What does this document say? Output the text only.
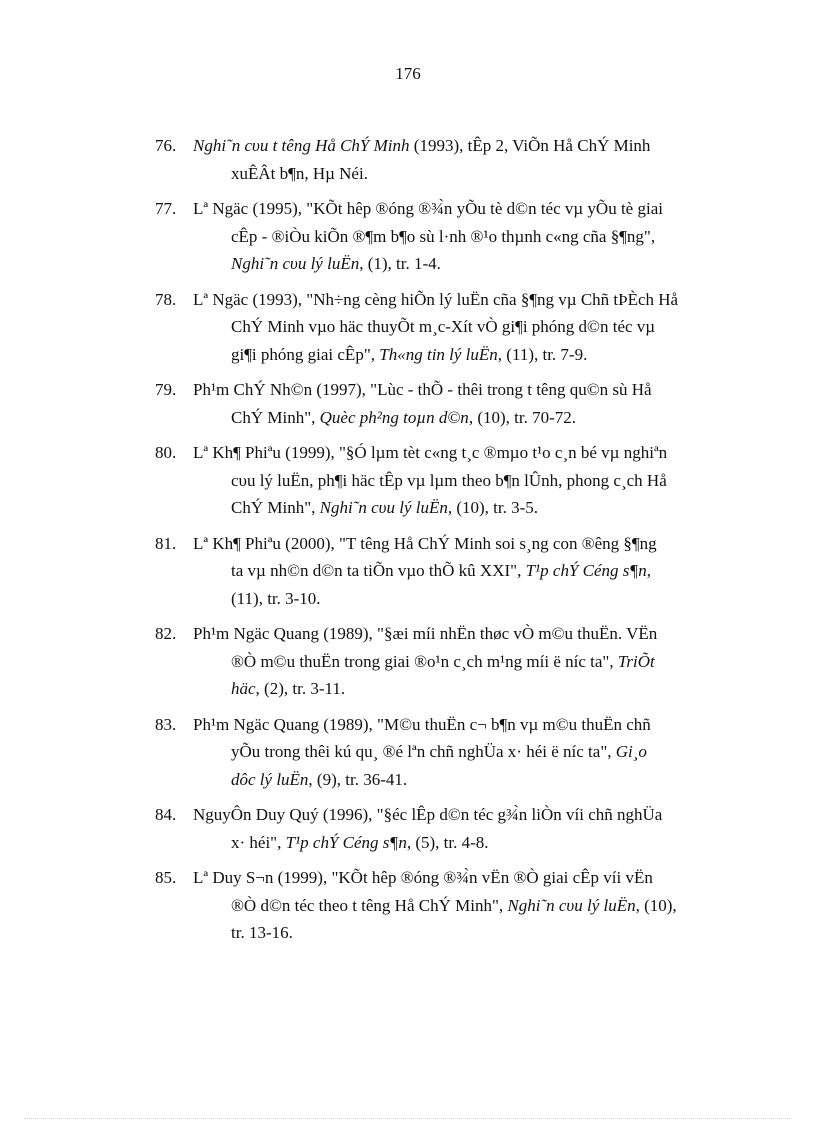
176
76. Nghi˜n cυu t têng Hå ChÝ Minh (1993), tÊp 2, ViÕn Hå ChÝ Minh
xuÊÂt b¶n, Hµ Néi.
77. Lª Ngäc (1995), "KÕt hêp ®óng ®¾̀n yÕu tè d©n téc vµ yÕu tè giai
cÊp - ®iÒu kiÕn ®¶m b¶o sù l·nh ®¹o thµnh c«ng cña §¶ng",
Nghi˜n cυu lý luËn, (1), tr. 1-4.
78. Lª Ngäc (1993), "Nh÷ng cèng hiÕn lý luËn cña §¶ng vµ Chñ tÞÈch Hå
ChÝ Minh vµo häc thuyÕt m¸c-Xít vÒ gi¶i phóng d©n téc vµ
gi¶i phóng giai cÊp", Th«ng tin lý luËn, (11), tr. 7-9.
79. Ph¹m ChÝ Nh©n (1997), "Lùc - thÕ - thêi trong t têng qu©n sù Hå
ChÝ Minh", Quèc ph²ng toµn d©n, (10), tr. 70-72.
80. Lª Kh¶ Phiªu (1999), "§Ó lµm tèt c«ng t¸c ®mµo t¹o c¸n bé vµ nghiªn
cυu lý luËn, ph¶i häc tÊp vµ lµm theo b¶n lÛnh, phong c¸ch Hå
ChÝ Minh", Nghi˜n cυu lý luËn, (10), tr. 3-5.
81. Lª Kh¶ Phiªu (2000), "T têng Hå ChÝ Minh soi s¸ng con ®êng §¶ng
ta vµ nh©n d©n ta tiÕn vµo thÕ kû XXI", T¹p chÝ Céng s¶n,
(11), tr. 3-10.
82. Ph¹m Ngäc Quang (1989), "§æi míi nhËn thøc vÒ m©u thuËn. VËn
®Ò m©u thuËn trong giai ®o¹n c¸ch m¹ng míi ë níc ta", TriÕt
häc, (2), tr. 3-11.
83. Ph¹m Ngäc Quang (1989), "M©u thuËn c¬ b¶n vµ m©u thuËn chñ
yÕu trong thêi kú qu¸ ®é lªn chñ nghÜa x· héi ë níc ta", Gi¸o
dôc lý luËn, (9), tr. 36-41.
84. NguyÔn Duy Quý (1996), "§éc lÊp d©n téc g¾̀n liÒn víi chñ nghÜa
x· héi", T¹p chÝ Céng s¶n, (5), tr. 4-8.
85. Lª Duy S¬n (1999), "KÕt hêp ®óng ®¾̀n vËn ®Ò giai cÊp víi vËn
®Ò d©n téc theo t têng Hå ChÝ Minh", Nghi˜n cυu lý luËn, (10),
tr. 13-16.
